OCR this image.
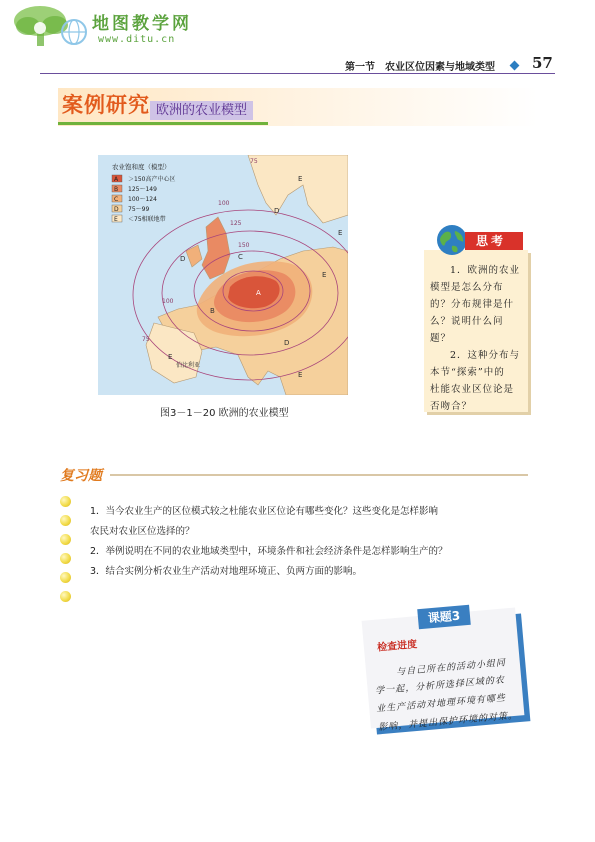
地图教学网
www.ditu.cn
第一节　农业区位因素与地域类型 57
案例研究 欧洲的农业模型
75
100
125
150
100
75
E
E
D
D	C
B
A
E
D
E
E
伯比利亚
农业饱和度（模型）
A ＞150高产中心区
B 125～149
C 100～124
D 75～99
E ＜75相联地带
图3－1－20 欧洲的农业模型
思考
1．欧洲的农业
模型是怎么分布
的？分布规律是什
么？说明什么问
题？
2．这种分布与
本节“探索”中的
杜能农业区位论是
否吻合？
复习题
1．当今农业生产的区位模式较之杜能农业区位论有哪些变化？这些变化是怎样影响
农民对农业区位选择的？
2．举例说明在不同的农业地域类型中，环境条件和社会经济条件是怎样影响生产的？
3．结合实例分析农业生产活动对地理环境正、负两方面的影响。
课题3
检查进度
与自己所在的活动小组同
学一起，分析所选择区域的农
业生产活动对地理环境有哪些
影响，并提出保护环境的对策。
